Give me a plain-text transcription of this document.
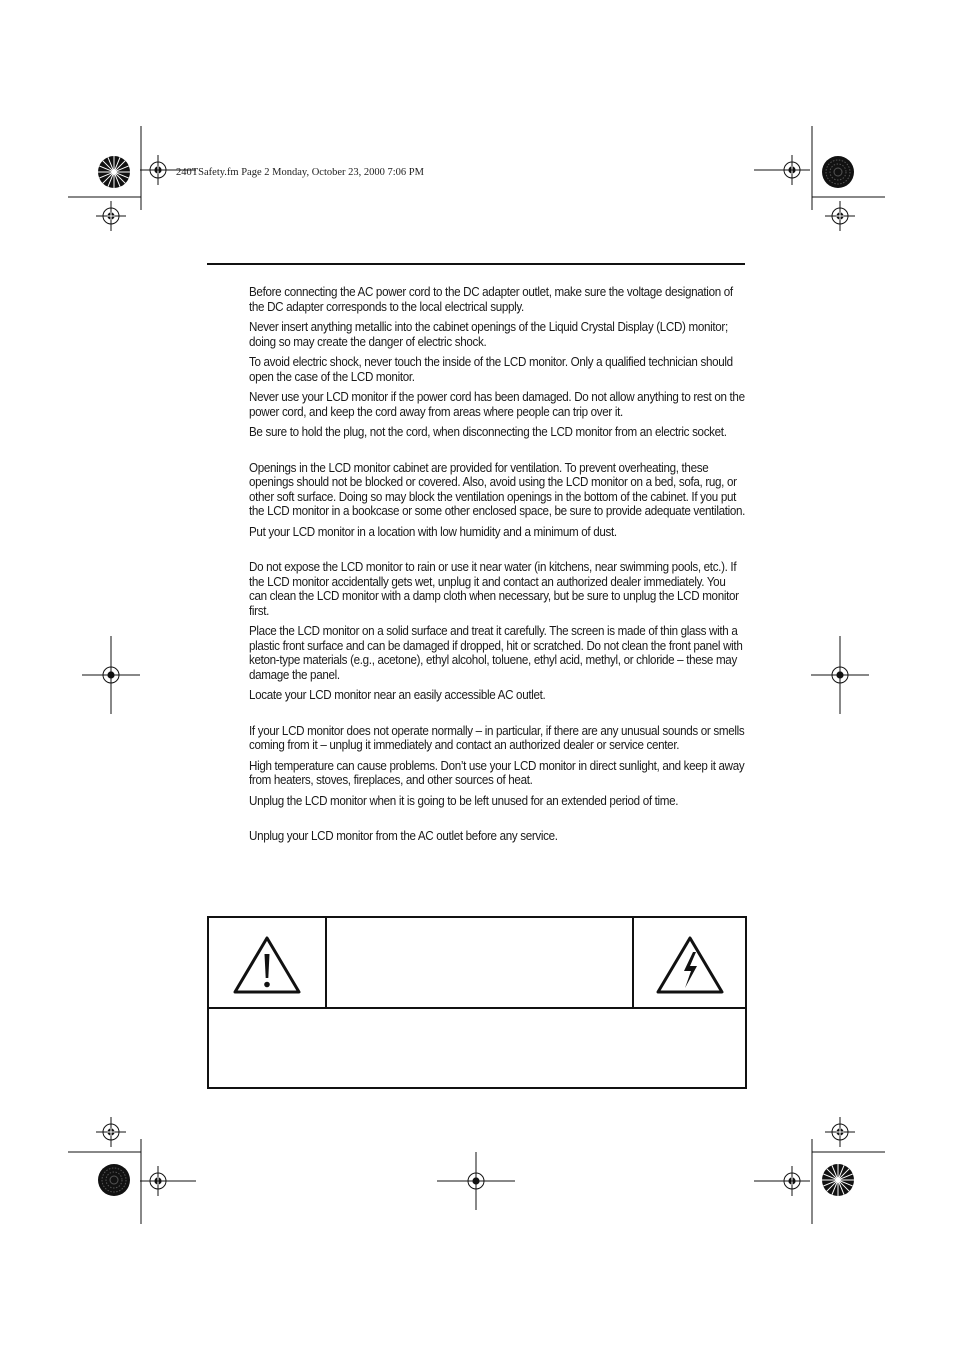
240TSafety.fm Page 2 Monday, October 23, 2000 7:06 PM

Before connecting the AC power cord to the DC adapter outlet, make sure the voltage designation of the DC adapter corresponds to the local electrical supply.

Never insert anything metallic into the cabinet openings of the Liquid Crystal Display (LCD) monitor; doing so may create the danger of electric shock.

To avoid electric shock, never touch the inside of the LCD monitor. Only a qualified technician should open the case of the LCD monitor.

Never use your LCD monitor if the power cord has been damaged. Do not allow anything to rest on the power cord, and keep the cord away from areas where people can trip over it.

Be sure to hold the plug, not the cord, when disconnecting the LCD monitor from an electric socket.

Openings in the LCD monitor cabinet are provided for ventilation. To prevent overheating, these openings should not be blocked or covered. Also, avoid using the LCD monitor on a bed, sofa, rug, or other soft surface. Doing so may block the ventilation openings in the bottom of the cabinet. If you put the LCD monitor in a bookcase or some other enclosed space, be sure to provide adequate ventilation.

Put your LCD monitor in a location with low humidity and a minimum of dust.

Do not expose the LCD monitor to rain or use it near water (in kitchens, near swimming pools, etc.). If the LCD monitor accidentally gets wet, unplug it and contact an authorized dealer immediately. You can clean the LCD monitor with a damp cloth when necessary, but be sure to unplug the LCD monitor first.

Place the LCD monitor on a solid surface and treat it carefully. The screen is made of thin glass with a plastic front surface and can be damaged if dropped, hit or scratched. Do not clean the front panel with keton-type materials (e.g., acetone), ethyl alcohol, toluene, ethyl acid, methyl, or chloride – these may damage the panel.

Locate your LCD monitor near an easily accessible AC outlet.

If your LCD monitor does not operate normally – in particular, if there are any unusual sounds or smells coming from it – unplug it immediately and contact an authorized dealer or service center.

High temperature can cause problems. Don’t use your LCD monitor in direct sunlight, and keep it away from heaters, stoves, fireplaces, and other sources of heat.

Unplug the LCD monitor when it is going to be left unused for an extended period of time.

Unplug your LCD monitor from the AC outlet before any service.
